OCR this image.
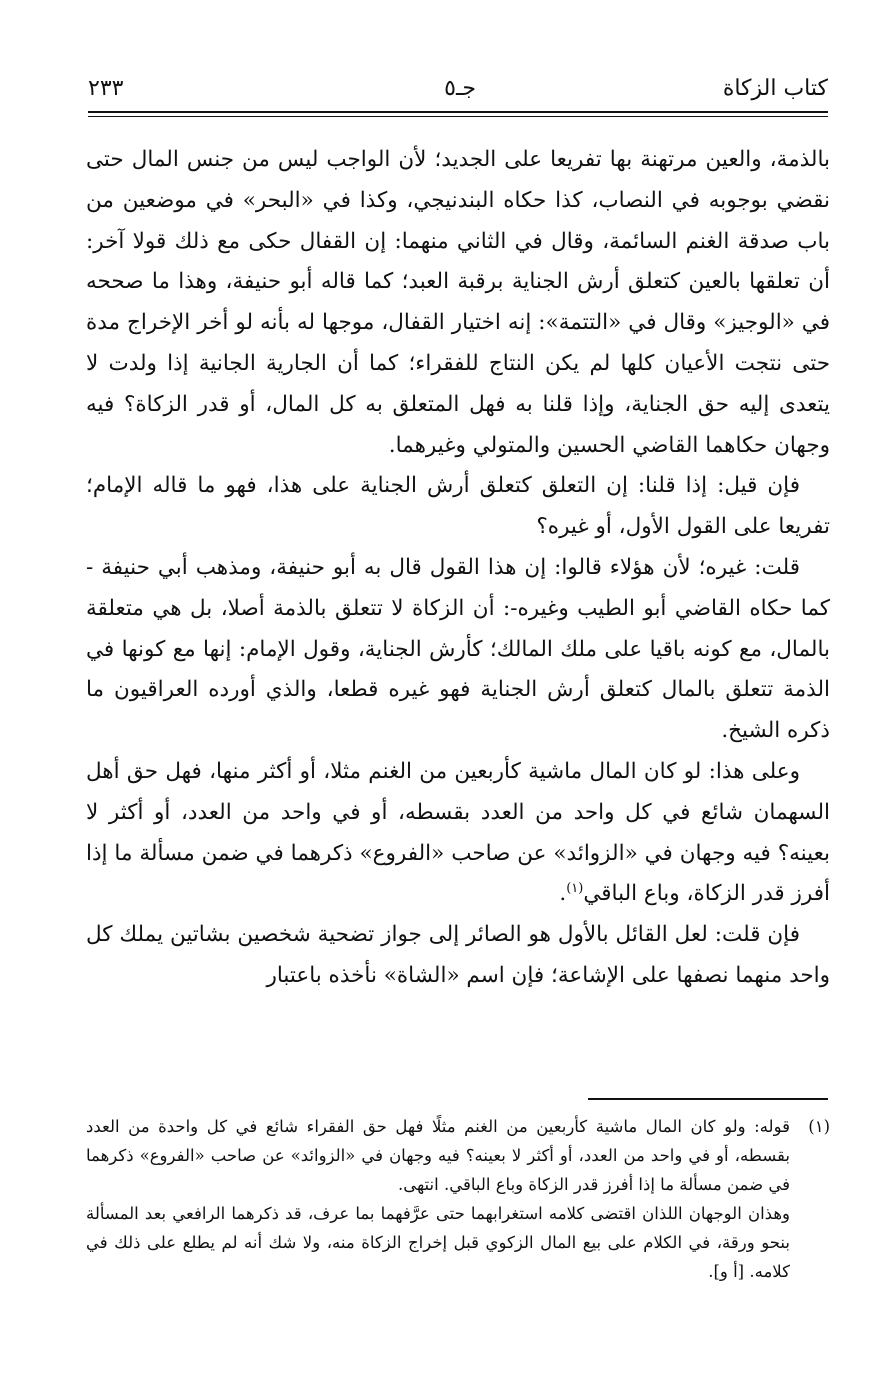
كتاب الزكاة
جـ٥
٢٣٣

بالذمة، والعين مرتهنة بها تفريعا على الجديد؛ لأن الواجب ليس من جنس المال حتى نقضي بوجوبه في النصاب، كذا حكاه البندنيجي، وكذا في «البحر» في موضعين من باب صدقة الغنم السائمة، وقال في الثاني منهما: إن القفال حكى مع ذلك قولا آخر: أن تعلقها بالعين كتعلق أرش الجناية برقبة العبد؛ كما قاله أبو حنيفة، وهذا ما صححه في «الوجيز» وقال في «التتمة»: إنه اختيار القفال، موجها له بأنه لو أخر الإخراج مدة حتى نتجت الأعيان كلها لم يكن النتاج للفقراء؛ كما أن الجارية الجانية إذا ولدت لا يتعدى إليه حق الجناية، وإذا قلنا به فهل المتعلق به كل المال، أو قدر الزكاة؟ فيه وجهان حكاهما القاضي الحسين والمتولي وغيرهما.

فإن قيل: إذا قلنا: إن التعلق كتعلق أرش الجناية على هذا، فهو ما قاله الإمام؛ تفريعا على القول الأول، أو غيره؟

قلت: غيره؛ لأن هؤلاء قالوا: إن هذا القول قال به أبو حنيفة، ومذهب أبي حنيفة - كما حكاه القاضي أبو الطيب وغيره-: أن الزكاة لا تتعلق بالذمة أصلا، بل هي متعلقة بالمال، مع كونه باقيا على ملك المالك؛ كأرش الجناية، وقول الإمام: إنها مع كونها في الذمة تتعلق بالمال كتعلق أرش الجناية فهو غيره قطعا، والذي أورده العراقيون ما ذكره الشيخ.

وعلى هذا: لو كان المال ماشية كأربعين من الغنم مثلا، أو أكثر منها، فهل حق أهل السهمان شائع في كل واحد من العدد بقسطه، أو في واحد من العدد، أو أكثر لا بعينه؟ فيه وجهان في «الزوائد» عن صاحب «الفروع» ذكرهما في ضمن مسألة ما إذا أفرز قدر الزكاة، وباع الباقي$^{(١)}$.

فإن قلت: لعل القائل بالأول هو الصائر إلى جواز تضحية شخصين بشاتين يملك كل واحد منهما نصفها على الإشاعة؛ فإن اسم «الشاة» نأخذه باعتبار

(١)
قوله: ولو كان المال ماشية كأربعين من الغنم مثلًا فهل حق الفقراء شائع في كل واحدة من العدد بقسطه، أو في واحد من العدد، أو أكثر لا بعينه؟ فيه وجهان في «الزوائد» عن صاحب «الفروع» ذكرهما في ضمن مسألة ما إذا أفرز قدر الزكاة وباع الباقي. انتهى.

وهذان الوجهان اللذان اقتضى كلامه استغرابهما حتى عرَّفهما بما عرف، قد ذكرهما الرافعي بعد المسألة بنحو ورقة، في الكلام على بيع المال الزكوي قبل إخراج الزكاة منه، ولا شك أنه لم يطلع على ذلك في كلامه. [أ و].
